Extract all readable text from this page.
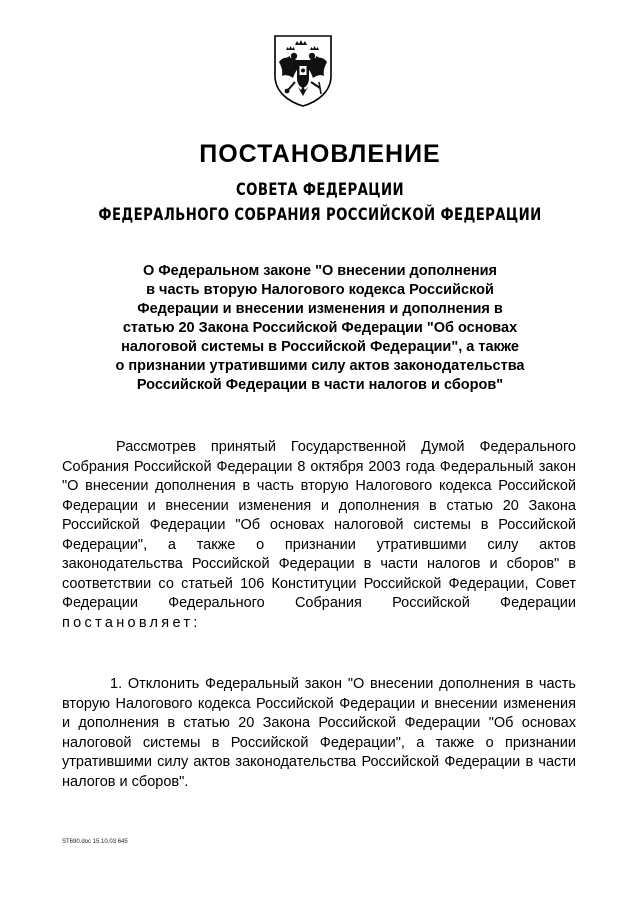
ПОСТАНОВЛЕНИЕ
СОВЕТА ФЕДЕРАЦИИ
ФЕДЕРАЛЬНОГО СОБРАНИЯ РОССИЙСКОЙ ФЕДЕРАЦИИ
О Федеральном законе "О внесении дополнения
в часть вторую Налогового кодекса Российской
Федерации и внесении изменения и дополнения в
статью 20 Закона Российской Федерации "Об основах
налоговой системы в Российской Федерации", а также
о признании утратившими силу актов законодательства
Российской Федерации в части налогов и сборов"
Рассмотрев принятый Государственной Думой Федерального Собрания Российской Федерации 8 октября 2003 года Федеральный закон "О внесении дополнения в часть вторую Налогового кодекса Российской Федерации и внесении изменения и дополнения в статью 20 Закона Российской Федерации "Об основах налоговой системы в Российской Федерации", а также о признании утратившими силу актов законодательства Российской Федерации в части налогов и сборов" в соответствии со статьей 106 Конституции Российской Федерации, Совет Федерации Федерального Собрания Российской Федерации постановляет:
1. Отклонить Федеральный закон "О внесении дополнения в часть вторую Налогового кодекса Российской Федерации и внесении изменения и дополнения в статью 20 Закона Российской Федерации "Об основах налоговой системы в Российской Федерации", а также о признании утратившими силу актов законодательства Российской Федерации в части налогов и сборов".
ST690.doc 15.10.03 645
